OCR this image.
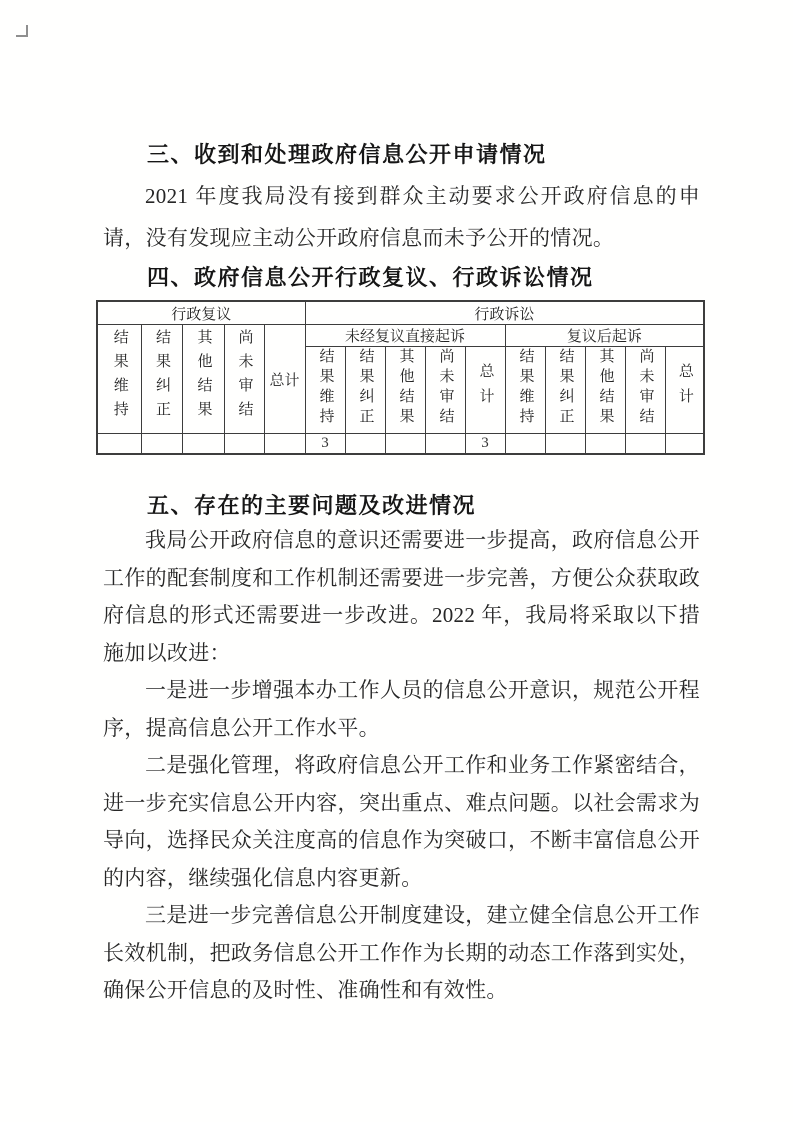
三、收到和处理政府信息公开申请情况

2021 年度我局没有接到群众主动要求公开政府信息的申请，没有发现应主动公开政府信息而未予公开的情况。

四、政府信息公开行政复议、行政诉讼情况
行政复议					行政诉讼									
结果维持	结果纠正	其他结果	尚未审结	总计	未经复议直接起诉					复议后起诉				
					结果维持	结果纠正	其他结果	尚未审结	总计	结果维持	结果纠正	其他结果	尚未审结	总计
					3				3					
五、存在的主要问题及改进情况

我局公开政府信息的意识还需要进一步提高，政府信息公开工作的配套制度和工作机制还需要进一步完善，方便公众获取政府信息的形式还需要进一步改进。2022 年，我局将采取以下措施加以改进：

一是进一步增强本办工作人员的信息公开意识，规范公开程序，提高信息公开工作水平。

二是强化管理，将政府信息公开工作和业务工作紧密结合，进一步充实信息公开内容，突出重点、难点问题。以社会需求为导向，选择民众关注度高的信息作为突破口，不断丰富信息公开的内容，继续强化信息内容更新。

三是进一步完善信息公开制度建设，建立健全信息公开工作长效机制，把政务信息公开工作作为长期的动态工作落到实处，确保公开信息的及时性、准确性和有效性。
